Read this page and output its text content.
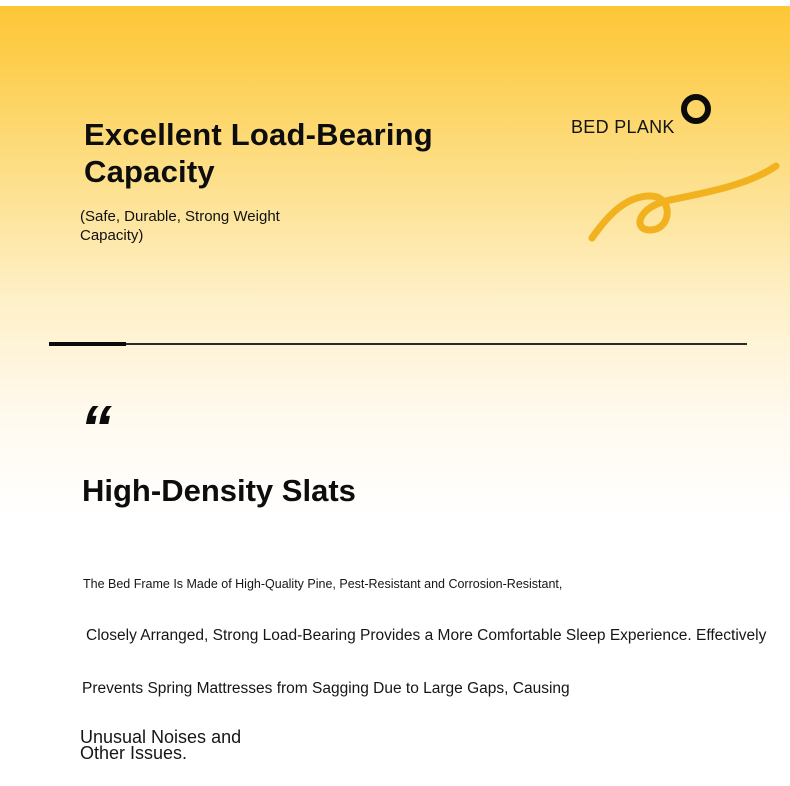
Excellent Load-Bearing Capacity
(Safe, Durable, Strong Weight Capacity)
BED PLANK
“
High-Density Slats
The Bed Frame Is Made of High-Quality Pine, Pest-Resistant and Corrosion-Resistant,
Closely Arranged, Strong Load-Bearing Provides a More Comfortable Sleep Experience. Effectively
Prevents Spring Mattresses from Sagging Due to Large Gaps, Causing
Unusual Noises and Other Issues.
